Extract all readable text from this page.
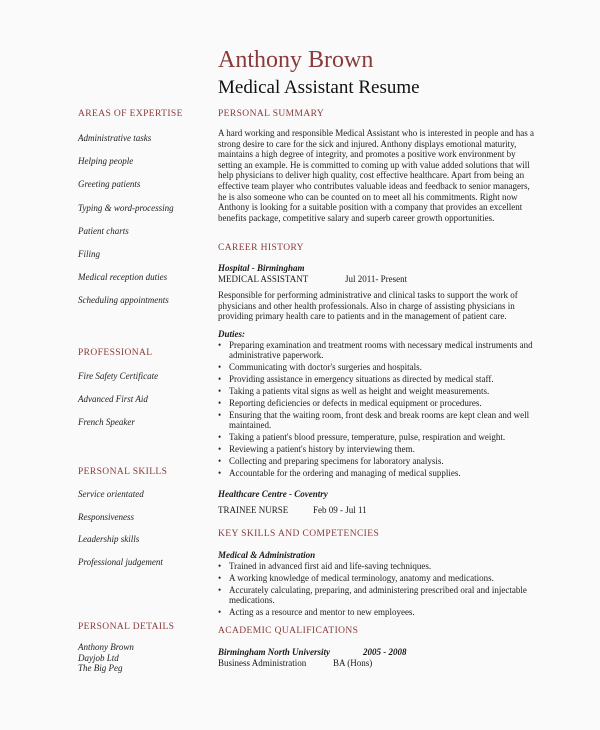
Anthony Brown
Medical Assistant Resume
AREAS OF EXPERTISE
Administrative tasks
Helping people
Greeting patients
Typing & word-processing
Patient charts
Filing
Medical reception duties
Scheduling appointments
PROFESSIONAL
Fire Safety Certificate
Advanced First Aid
French Speaker
PERSONAL SKILLS
Service orientated
Responsiveness
Leadership skills
Professional judgement
PERSONAL DETAILS
Anthony Brown
Dayjob Ltd
The Big Peg
PERSONAL SUMMARY

A hard working and responsible Medical Assistant who is interested in people and has a strong desire to care for the sick and injured. Anthony displays emotional maturity, maintains a high degree of integrity, and promotes a positive work environment by setting an example. He is committed to coming up with value added solutions that will help physicians to deliver high quality, cost effective healthcare. Apart from being an effective team player who contributes valuable ideas and feedback to senior managers, he is also someone who can be counted on to meet all his commitments. Right now Anthony is looking for a suitable position with a company that provides an excellent benefits package, competitive salary and superb career growth opportunities.

CAREER HISTORY
Hospital - Birmingham
MEDICAL ASSISTANT	Jul 2011- Present

Responsible for performing administrative and clinical tasks to support the work of physicians and other health professionals. Also in charge of assisting physicians in providing primary health care to patients and in the management of patient care.

Duties:
• Preparing examination and treatment rooms with necessary medical instruments and administrative paperwork.
• Communicating with doctor's surgeries and hospitals.
• Providing assistance in emergency situations as directed by medical staff.
• Taking a patients vital signs as well as height and weight measurements.
• Reporting deficiencies or defects in medical equipment or procedures.
• Ensuring that the waiting room, front desk and break rooms are kept clean and well maintained.
• Taking a patient's blood pressure, temperature, pulse, respiration and weight.
• Reviewing a patient's history by interviewing them.
• Collecting and preparing specimens for laboratory analysis.
• Accountable for the ordering and managing of medical supplies.
Healthcare Centre - Coventry
TRAINEE NURSE	Feb 09 - Jul 11
KEY SKILLS AND COMPETENCIES
Medical & Administration
• Trained in advanced first aid and life-saving techniques.
• A working knowledge of medical terminology, anatomy and medications.
• Accurately calculating, preparing, and administering prescribed oral and injectable medications.
• Acting as a resource and mentor to new employees.
ACADEMIC QUALIFICATIONS
Birmingham North University	2005 - 2008
Business Administration	BA (Hons)
